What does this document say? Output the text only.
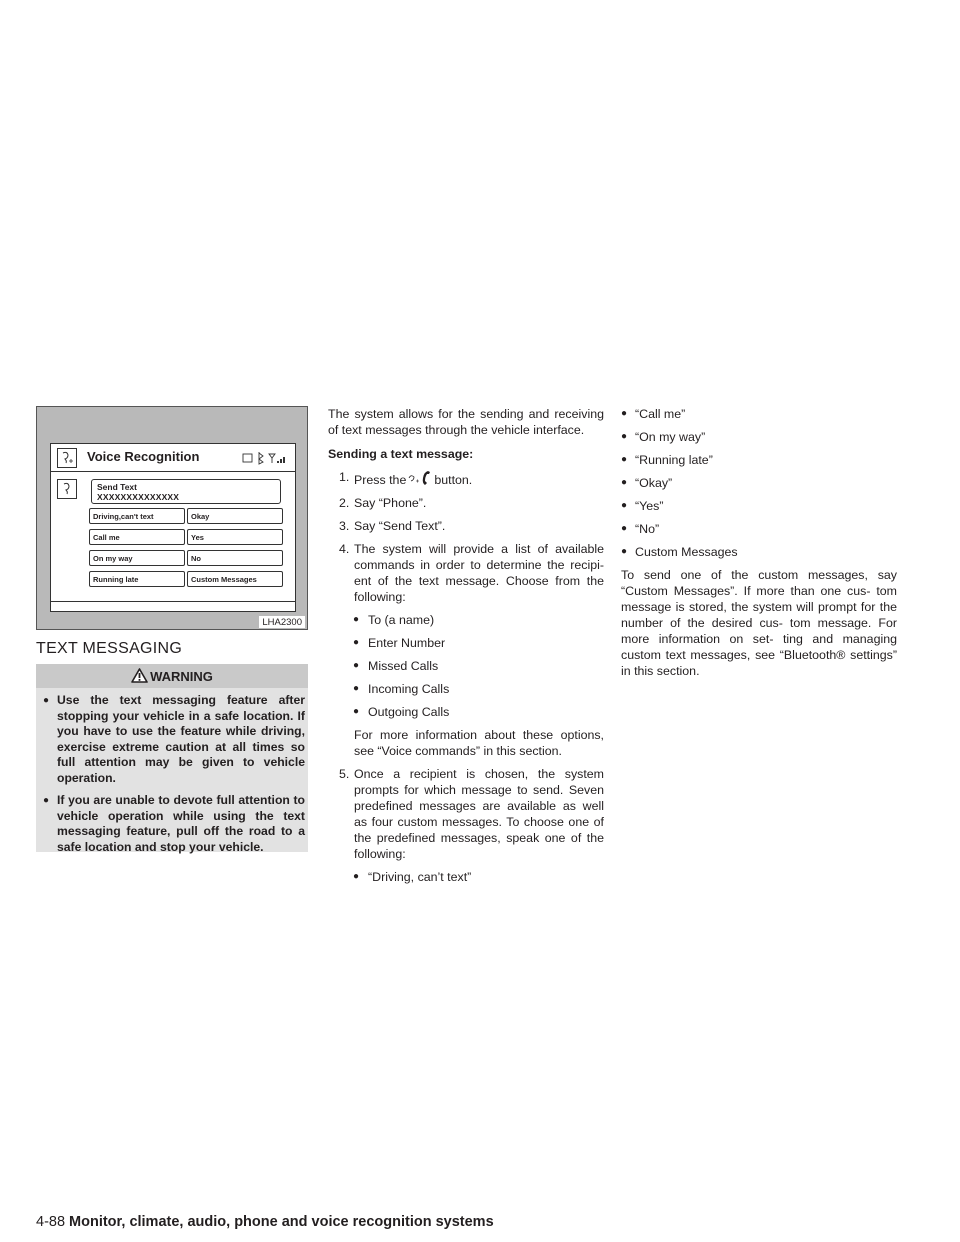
Voice Recognition
Send Text
XXXXXXXXXXXXXX
Driving,can't text	Okay
Call me	Yes
On my way	No
Running late	Custom Messages
LHA2300
TEXT MESSAGING
WARNING
● Use the text messaging feature after stopping your vehicle in a safe location. If you have to use the feature while driving, exercise extreme caution at all times so full attention may be given to vehicle operation.
● If you are unable to devote full attention to vehicle operation while using the text messaging feature, pull off the road to a safe location and stop your vehicle.
The system allows for the sending and receiving of text messages through the vehicle interface.
Sending a text message:
1. Press the button.
2. Say “Phone”.
3. Say “Send Text”.
4. The system will provide a list of available commands in order to determine the recipi- ent of the text message. Choose from the following:
● To (a name)
● Enter Number
● Missed Calls
● Incoming Calls
● Outgoing Calls
For more information about these options, see “Voice commands” in this section.
5. Once a recipient is chosen, the system prompts for which message to send. Seven predefined messages are available as well as four custom messages. To choose one of the predefined messages, speak one of the following:
● “Driving, can’t text”
● “Call me”
● “On my way”
● “Running late”
● “Okay”
● “Yes”
● “No”
● Custom Messages
To send one of the custom messages, say “Custom Messages”. If more than one cus- tom message is stored, the system will prompt for the number of the desired cus- tom message. For more information on set- ting and managing custom text messages, see “Bluetooth® settings” in this section.
4-88 Monitor, climate, audio, phone and voice recognition systems
